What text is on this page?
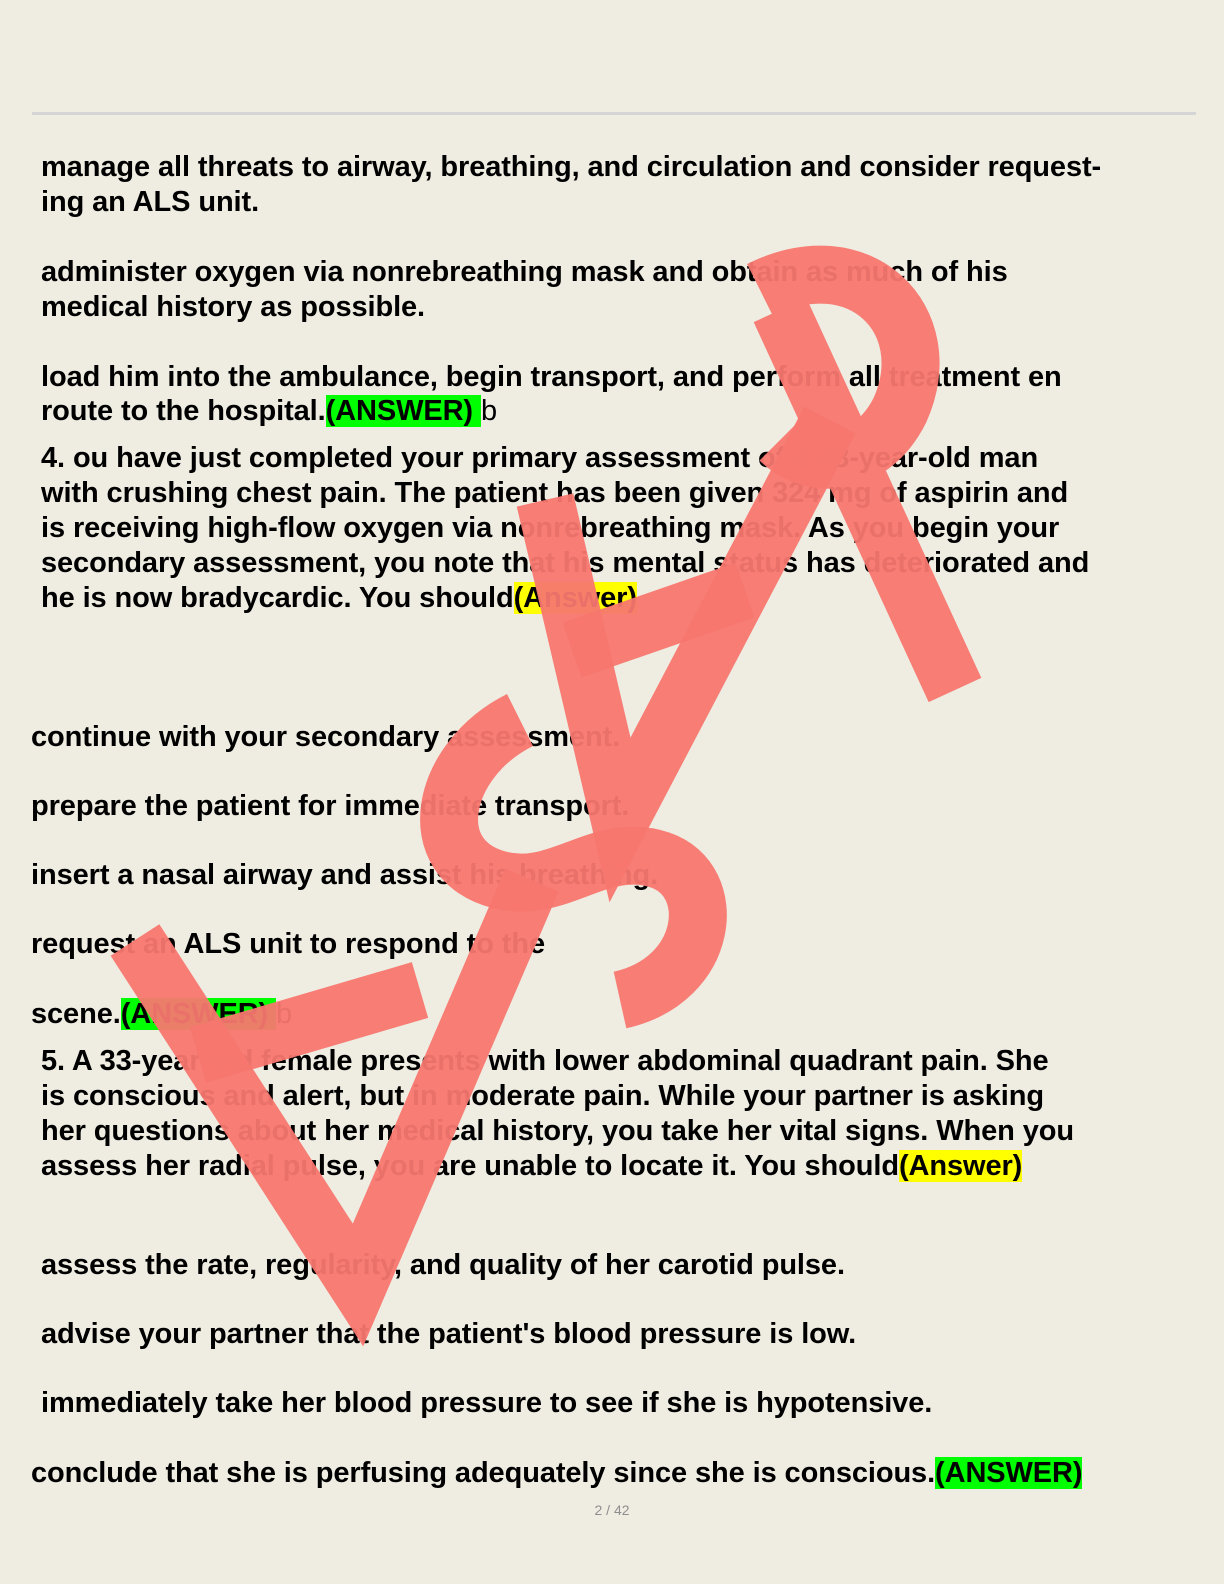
manage all threats to airway, breathing, and circulation and consider request-
ing an ALS unit.
administer oxygen via nonrebreathing mask and obtain as much of his
medical history as possible.
load him into the ambulance, begin transport, and perform all treatment en
route to the hospital.(ANSWER) b
4. ou have just completed your primary assessment of a 48-year-old man
with crushing chest pain. The patient has been given 324 mg of aspirin and
is receiving high-flow oxygen via nonrebreathing mask. As you begin your
secondary assessment, you note that his mental status has deteriorated and
he is now bradycardic. You should(Answer)
continue with your secondary assessment.
prepare the patient for immediate transport.
insert a nasal airway and assist his breathing.
request an ALS unit to respond to the
scene.(ANSWER) b
5. A 33-year-old female presents with lower abdominal quadrant pain. She
is conscious and alert, but in moderate pain. While your partner is asking
her questions about her medical history, you take her vital signs. When you
assess her radial pulse, you are unable to locate it. You should(Answer)
assess the rate, regularity, and quality of her carotid pulse.
advise your partner that the patient's blood pressure is low.
immediately take her blood pressure to see if she is hypotensive.
conclude that she is perfusing adequately since she is conscious.(ANSWER)
2 / 42
